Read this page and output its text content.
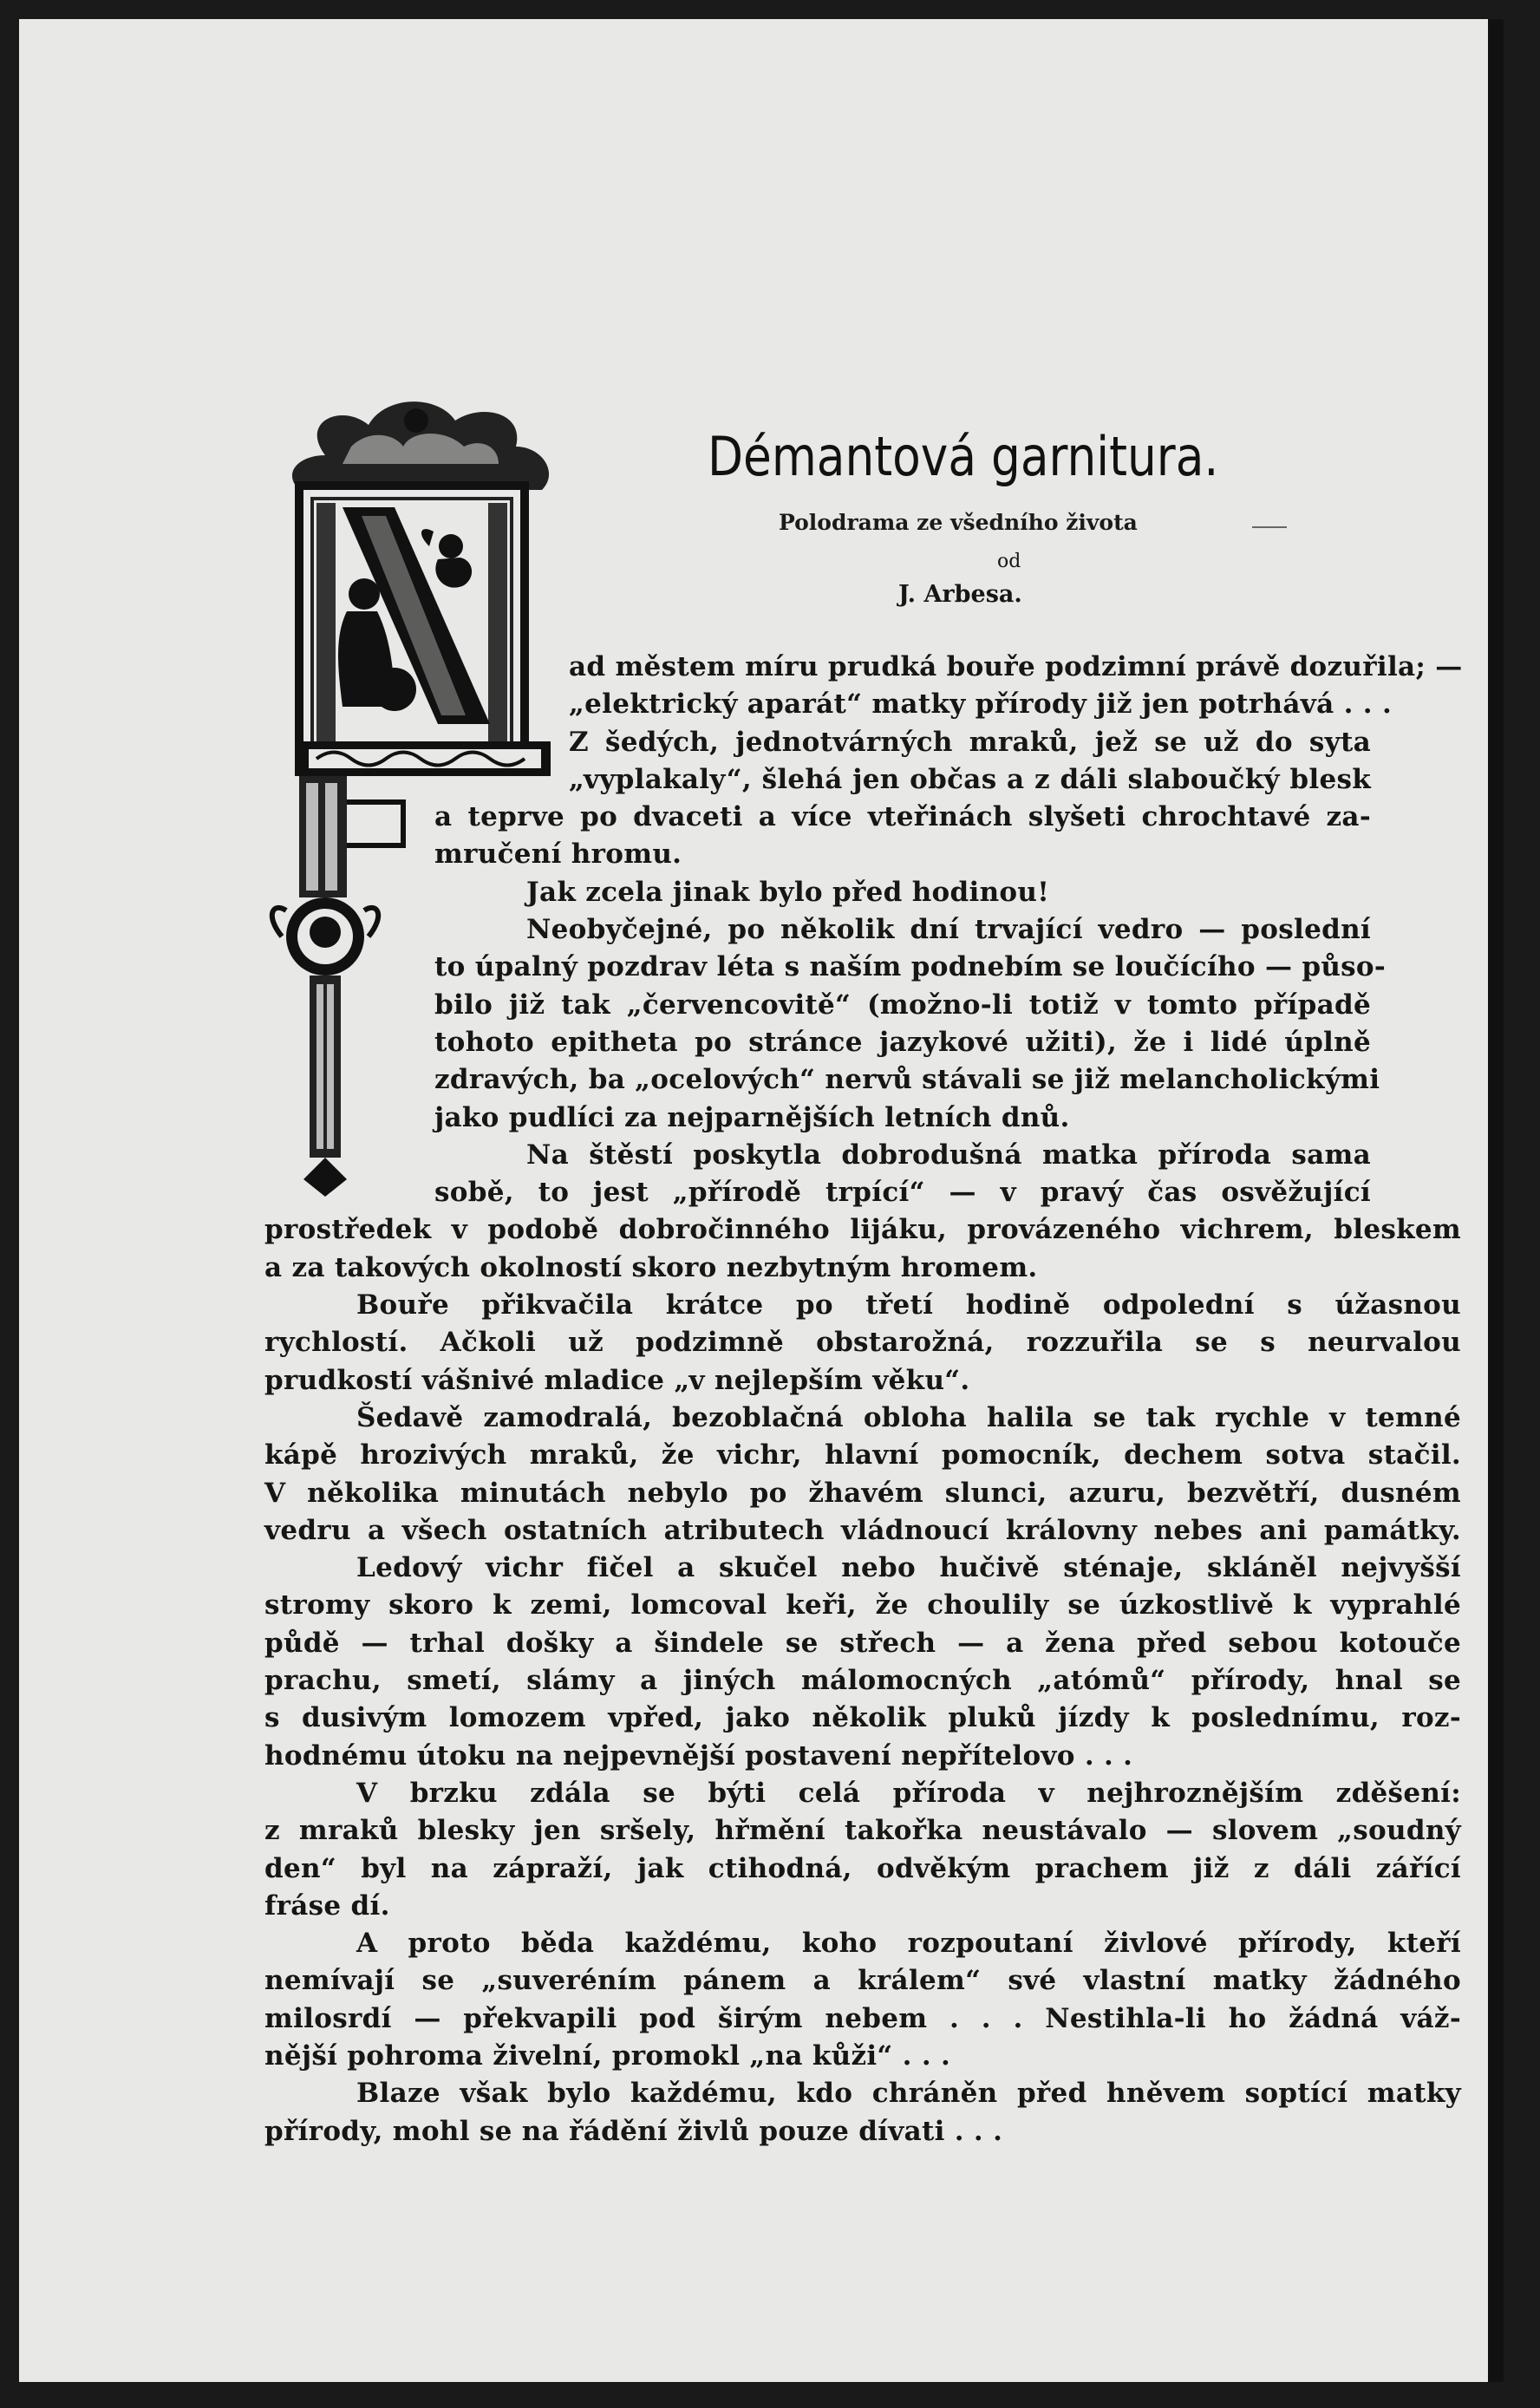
Démantová garnitura.
Polodrama ze všedního života
od
J. Arbesa.
ad městem míru prudká bouře podzimní právě dozuřila; —
„elektrický aparát“ matky přírody již jen potrhává . . .
Z šedých, jednotvárných mraků, jež se už do syta
„vyplakaly“, šlehá jen občas a z dáli slaboučký blesk
a teprve po dvaceti a více vteřinách slyšeti chrochtavé za-
mručení hromu.
Jak zcela jinak bylo před hodinou!
Neobyčejné, po několik dní trvající vedro — poslední
to úpalný pozdrav léta s naším podnebím se loučícího — půso-
bilo již tak „červencovitě“ (možno-li totiž v tomto případě
tohoto epitheta po stránce jazykové užiti), že i lidé úplně
zdravých, ba „ocelových“ nervů stávali se již melancholickými
jako pudlíci za nejparnějších letních dnů.
Na štěstí poskytla dobrodušná matka příroda sama
sobě, to jest „přírodě trpící“ — v pravý čas osvěžující
prostředek v podobě dobročinného lijáku, provázeného vichrem, bleskem
a za takových okolností skoro nezbytným hromem.
Bouře přikvačila krátce po třetí hodině odpolední s úžasnou
rychlostí. Ačkoli už podzimně obstarožná, rozzuřila se s neurvalou
prudkostí vášnivé mladice „v nejlepším věku“.
Šedavě zamodralá, bezoblačná obloha halila se tak rychle v temné
kápě hrozivých mraků, že vichr, hlavní pomocník, dechem sotva stačil.
V několika minutách nebylo po žhavém slunci, azuru, bezvětří, dusném
vedru a všech ostatních atributech vládnoucí královny nebes ani památky.
Ledový vichr fičel a skučel nebo hučivě sténaje, skláněl nejvyšší
stromy skoro k zemi, lomcoval keři, že choulily se úzkostlivě k vyprahlé
půdě — trhal došky a šindele se střech — a žena před sebou kotouče
prachu, smetí, slámy a jiných málomocných „atómů“ přírody, hnal se
s dusivým lomozem vpřed, jako několik pluků jízdy k poslednímu, roz-
hodnému útoku na nejpevnější postavení nepřítelovo . . .
V brzku zdála se býti celá příroda v nejhroznějším zděšení:
z mraků blesky jen sršely, hřmění takořka neustávalo — slovem „soudný
den“ byl na zápraží, jak ctihodná, odvěkým prachem již z dáli zářící
fráse dí.
A proto běda každému, koho rozpoutaní živlové přírody, kteří
nemívají se „suveréním pánem a králem“ své vlastní matky žádného
milosrdí — překvapili pod širým nebem . . . Nestihla-li ho žádná váž-
nější pohroma živelní, promokl „na kůži“ . . .
Blaze však bylo každému, kdo chráněn před hněvem soptící matky
přírody, mohl se na řádění živlů pouze dívati . . .
